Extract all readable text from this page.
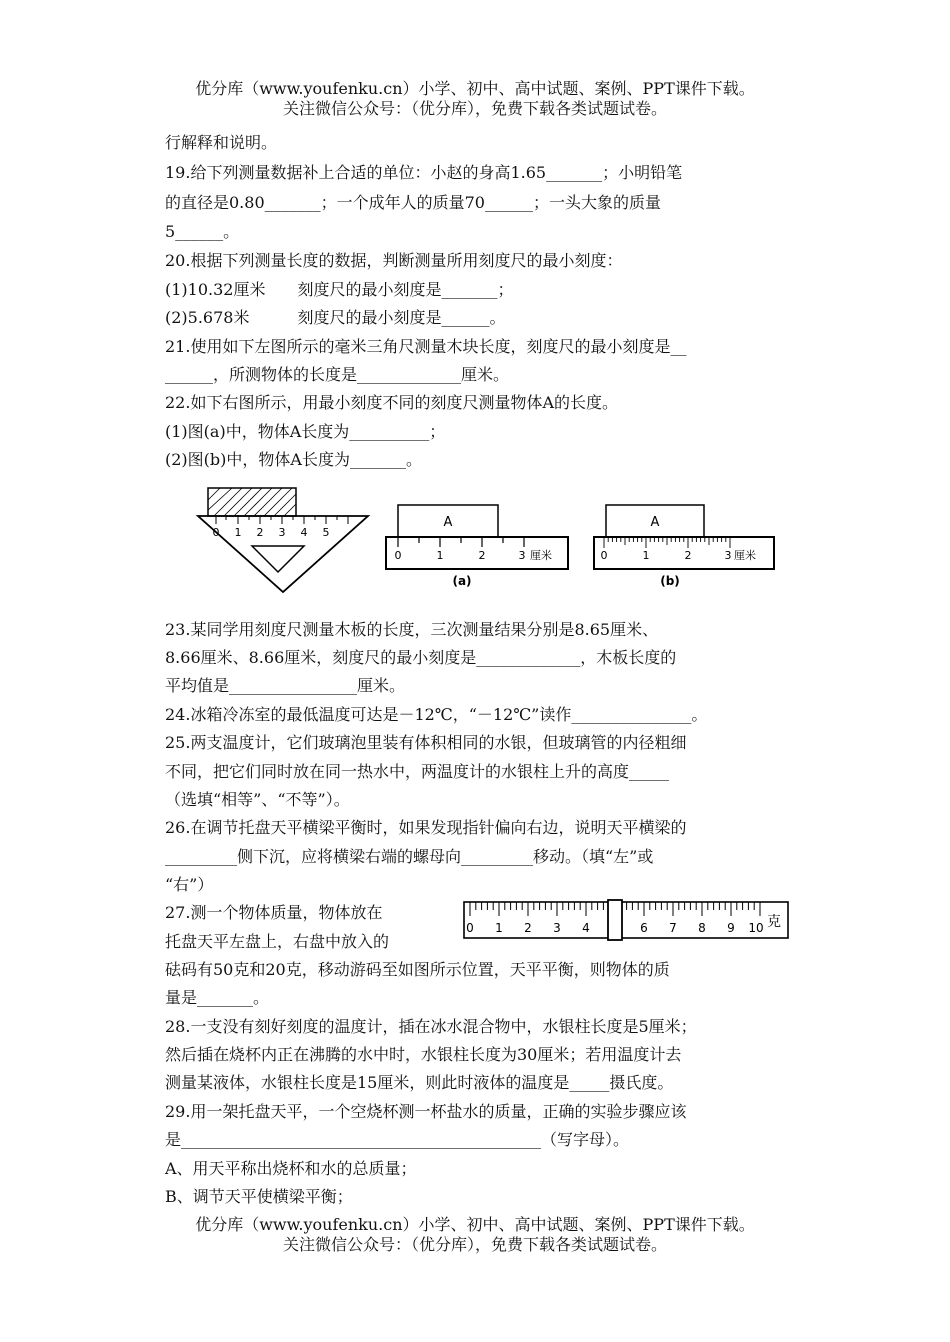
优分库（www.youfenku.cn）小学、初中、高中试题、案例、PPT课件下载。
关注微信公众号：（优分库），免费下载各类试题试卷。
行解释和说明。
19.给下列测量数据补上合适的单位：小赵的身高1.65_______；小明铅笔
的直径是0.80_______；一个成年人的质量70______；一头大象的质量
5______。
20.根据下列测量长度的数据，判断测量所用刻度尺的最小刻度：
(1)10.32厘米　　刻度尺的最小刻度是_______；
(2)5.678米　　　刻度尺的最小刻度是______。
21.使用如下左图所示的毫米三角尺测量木块长度，刻度尺的最小刻度是__
______，所测物体的长度是_____________厘米。
22.如下右图所示，用最小刻度不同的刻度尺测量物体A的长度。
(1)图(a)中，物体A长度为__________；
(2)图(b)中，物体A长度为_______。
0 1 2 3 4 5
A
0	1	2	3 厘米
(a)
A
0	1	2	3 厘米
(b)
23.某同学用刻度尺测量木板的长度，三次测量结果分别是8.65厘米、
8.66厘米、8.66厘米，刻度尺的最小刻度是_____________，木板长度的
平均值是________________厘米。
24.冰箱冷冻室的最低温度可达是－12℃，“－12℃”读作_______________。
25.两支温度计，它们玻璃泡里装有体积相同的水银，但玻璃管的内径粗细
不同，把它们同时放在同一热水中，两温度计的水银柱上升的高度_____
（选填“相等”、“不等”）。
26.在调节托盘天平横梁平衡时，如果发现指针偏向右边，说明天平横梁的
_________侧下沉，应将横梁右端的螺母向_________移动。（填“左”或
“右”）
27.测一个物体质量，物体放在
托盘天平左盘上，右盘中放入的
0 1 2 3 4	6 7 8 9 10 克
砝码有50克和20克，移动游码至如图所示位置，天平平衡，则物体的质
量是_______。
28.一支没有刻好刻度的温度计，插在冰水混合物中，水银柱长度是5厘米；
然后插在烧杯内正在沸腾的水中时，水银柱长度为30厘米；若用温度计去
测量某液体，水银柱长度是15厘米，则此时液体的温度是_____摄氏度。
29.用一架托盘天平，一个空烧杯测一杯盐水的质量，正确的实验步骤应该
是_____________________________________________（写字母）。
A、用天平称出烧杯和水的总质量；
B、调节天平使横梁平衡；
优分库（www.youfenku.cn）小学、初中、高中试题、案例、PPT课件下载。
关注微信公众号：（优分库），免费下载各类试题试卷。
